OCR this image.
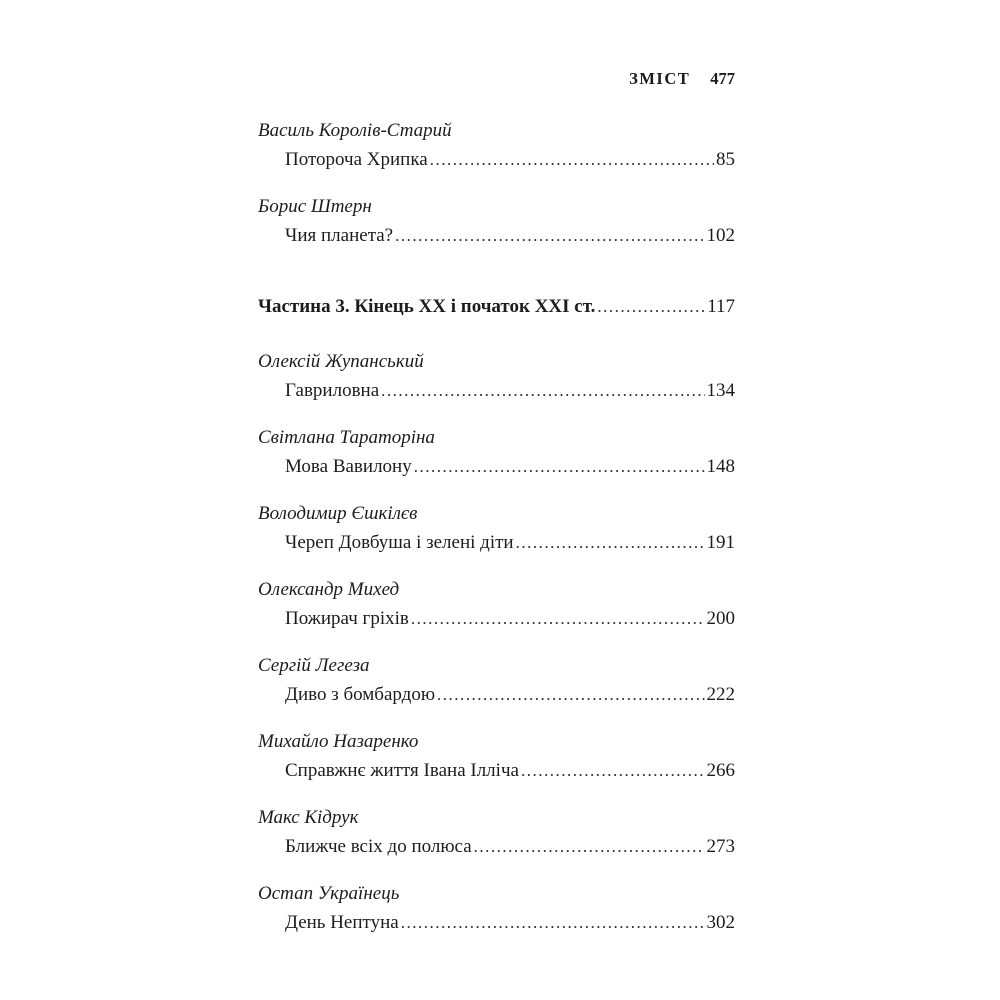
ЗМІСТ 477
Василь Королів-Старий
Потороча Хрипка .....	85
Борис Штерн
Чия планета? .....	102
Частина 3. Кінець XX і початок XXI ст. .....	117
Олексій Жупанський
Гавриловна .....	134
Світлана Тараторіна
Мова Вавилону .....	148
Володимир Єшкілєв
Череп Довбуша і зелені діти .....	191
Олександр Михед
Пожирач гріхів .....	200
Сергій Легеза
Диво з бомбардою .....	222
Михайло Назаренко
Справжнє життя Івана Ілліча .....	266
Макс Кідрук
Ближче всіх до полюса .....	273
Остап Українець
День Нептуна .....	302
